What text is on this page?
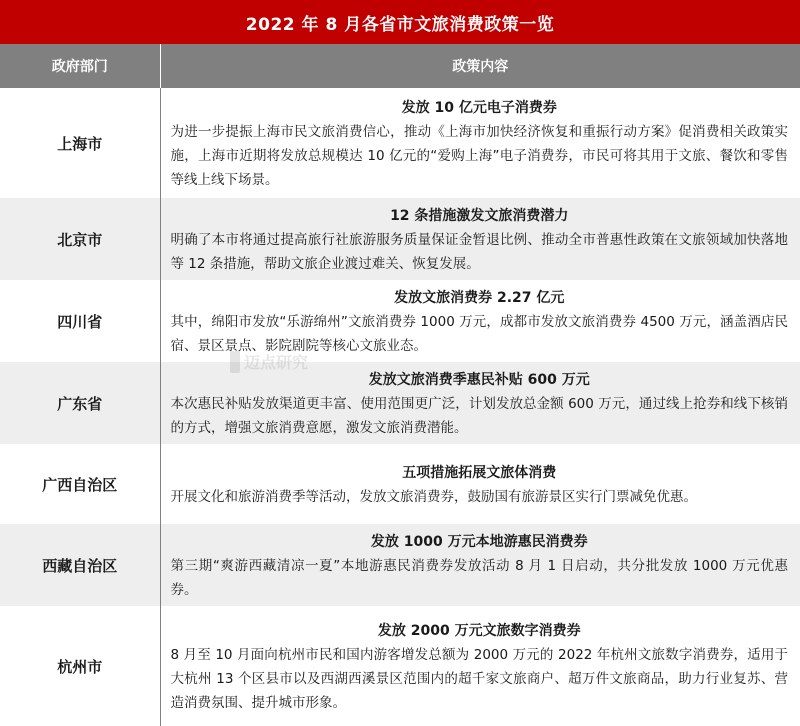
2022 年 8 月各省市文旅消费政策一览
政府部门	政策内容
上海市	发放 10 亿元电子消费券
为进一步提振上海市民文旅消费信心，推动《上海市加快经济恢复和重振行动方案》促消费相关政策实施，上海市近期将发放总规模达 10 亿元的“爱购上海”电子消费券，市民可将其用于文旅、餐饮和零售等线上线下场景。

北京市	12 条措施激发文旅消费潜力
明确了本市将通过提高旅行社旅游服务质量保证金暂退比例、推动全市普惠性政策在文旅领域加快落地等 12 条措施，帮助文旅企业渡过难关、恢复发展。

四川省	发放文旅消费券 2.27 亿元
其中，绵阳市发放“乐游绵州”文旅消费券 1000 万元，成都市发放文旅消费券 4500 万元，涵盖酒店民宿、景区景点、影院剧院等核心文旅业态。

广东省	发放文旅消费季惠民补贴 600 万元
本次惠民补贴发放渠道更丰富、使用范围更广泛，计划发放总金额 600 万元，通过线上抢券和线下核销的方式，增强文旅消费意愿，激发文旅消费潜能。

广西自治区	五项措施拓展文旅体消费
开展文化和旅游消费季等活动，发放文旅消费券，鼓励国有旅游景区实行门票减免优惠。

西藏自治区	发放 1000 万元本地游惠民消费券
第三期“爽游西藏清凉一夏”本地游惠民消费券发放活动 8 月 1 日启动，共分批发放 1000 万元优惠券。

杭州市	发放 2000 万元文旅数字消费券
8 月至 10 月面向杭州市民和国内游客增发总额为 2000 万元的 2022 年杭州文旅数字消费券，适用于大杭州 13 个区县市以及西湖西溪景区范围内的超千家文旅商户、超万件文旅商品，助力行业复苏、营造消费氛围、提升城市形象。
迈点研究
